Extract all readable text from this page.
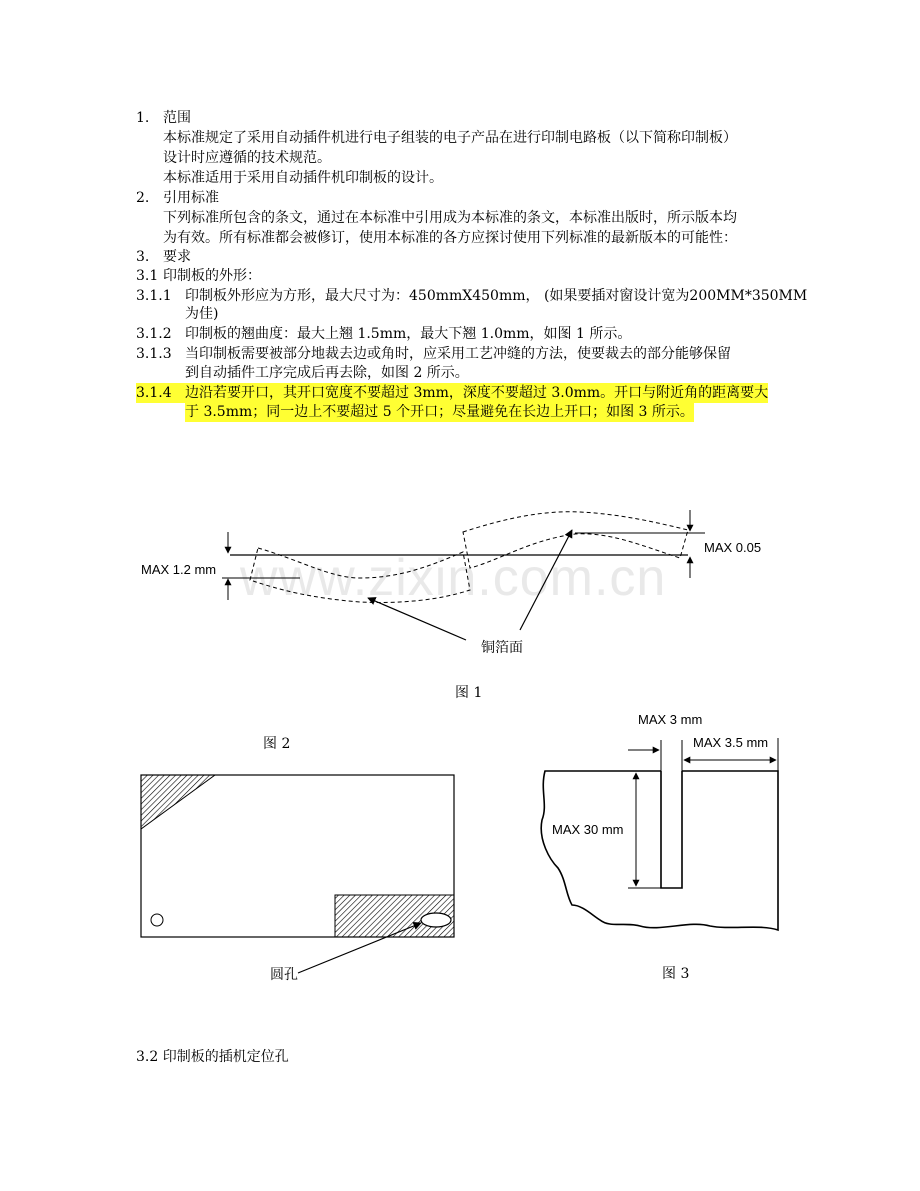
1. 范围
本标准规定了采用自动插件机进行电子组装的电子产品在进行印制电路板（以下简称印制板）
设计时应遵循的技术规范。
本标准适用于采用自动插件机印制板的设计。
2. 引用标准
下列标准所包含的条文，通过在本标准中引用成为本标准的条文，本标准出版时，所示版本均
为有效。所有标准都会被修订，使用本标准的各方应探讨使用下列标准的最新版本的可能性：
3. 要求
3.1 印制板的外形：
3.1.1 印制板外形应为方形，最大尺寸为：450mmX450mm， (如果要插对窗设计宽为200MM*350MM
为佳)
3.1.2 印制板的翘曲度：最大上翘 1.5mm，最大下翘 1.0mm，如图 1 所示。
3.1.3 当印制板需要被部分地裁去边或角时，应采用工艺冲缝的方法，使要裁去的部分能够保留
到自动插件工序完成后再去除，如图 2 所示。
3.1.4 边沿若要开口，其开口宽度不要超过 3mm，深度不要超过 3.0mm。开口与附近角的距离要大
于 3.5mm；同一边上不要超过 5 个开口；尽量避免在长边上开口；如图 3 所示。
www.zixin.com.cn
MAX 1.2 mm
MAX 0.05
铜箔面
图 1
图 2
圆孔
MAX 3 mm
MAX 3.5 mm
MAX 30 mm
图 3
3.2 印制板的插机定位孔
